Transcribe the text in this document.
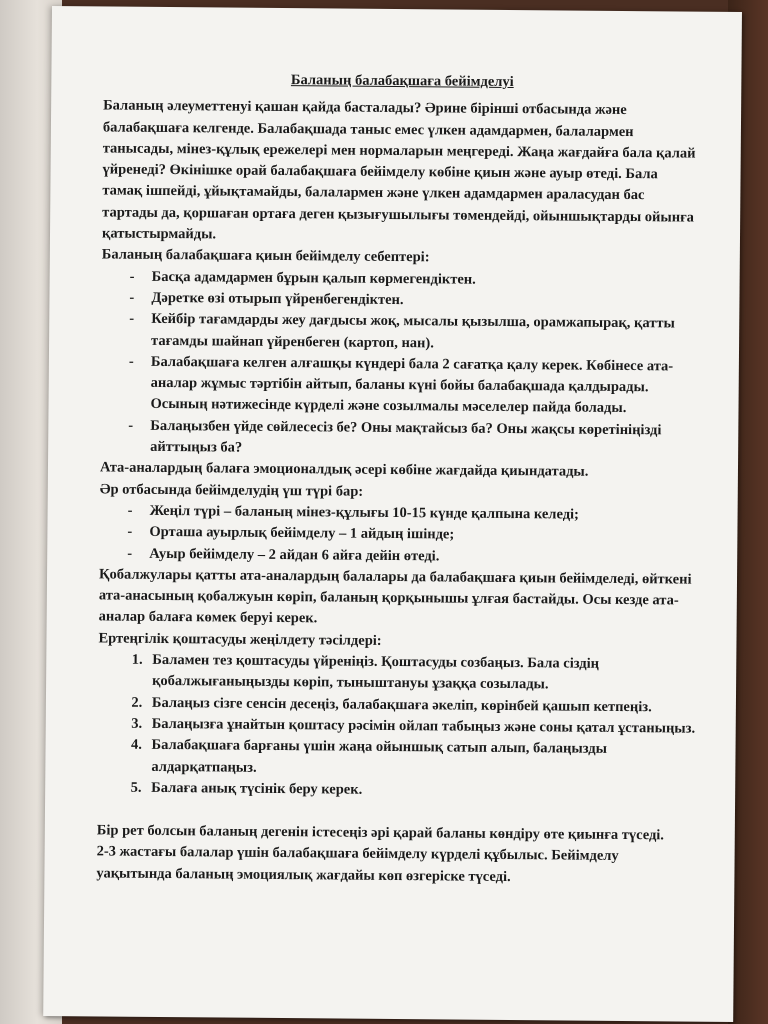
Баланың балабақшаға бейімделуі

Баланың әлеуметтенуі қашан қайда басталады? Әрине бірінші отбасында және балабақшаға келгенде. Балабақшада таныс емес үлкен адамдармен, балалармен танысады, мінез-құлық ережелері мен нормаларын меңгереді. Жаңа жағдайға бала қалай үйренеді? Өкінішке орай балабақшаға бейімделу көбіне қиын және ауыр өтеді. Бала тамақ ішпейді, ұйықтамайды, балалармен және үлкен адамдармен араласудан бас тартады да, қоршаған ортаға деген қызығушылығы төмендейді, ойыншықтарды ойынға қатыстырмайды.

Баланың балабақшаға қиын бейімделу себептері:

- Басқа адамдармен бұрын қалып көрмегендіктен.
- Дәретке өзі отырып үйренбегендіктен.
- Кейбір тағамдарды жеу дағдысы жоқ, мысалы қызылша, орамжапырақ, қатты тағамды шайнап үйренбеген (картоп, нан).
- Балабақшаға келген алғашқы күндері бала 2 сағатқа қалу керек. Көбінесе ата-аналар жұмыс тәртібін айтып, баланы күні бойы балабақшада қалдырады. Осының нәтижесінде күрделі және созылмалы мәселелер пайда болады.
- Балаңызбен үйде сөйлесесіз бе? Оны мақтайсыз ба? Оны жақсы көретініңізді айттыңыз ба?

Ата-аналардың балаға эмоционалдық әсері көбіне жағдайда қиындатады.

Әр отбасында бейімделудің үш түрі бар:

- Жеңіл түрі – баланың мінез-құлығы 10-15 күнде қалпына келеді;
- Орташа ауырлық бейімделу – 1 айдың ішінде;
- Ауыр бейімделу – 2 айдан 6 айға дейін өтеді.

Қобалжулары қатты ата-аналардың балалары да балабақшаға қиын бейімделеді, өйткені ата-анасының қобалжуын көріп, баланың қорқынышы ұлғая бастайды. Осы кезде ата-аналар балаға көмек беруі керек.

Ертеңгілік қоштасуды жеңілдету тәсілдері:

1. Баламен тез қоштасуды үйреніңіз. Қоштасуды созбаңыз. Бала сіздің қобалжығаныңызды көріп, тыныштануы ұзаққа созылады.
2. Балаңыз сізге сенсін десеңіз, балабақшаға әкеліп, көрінбей қашып кетпеңіз.
3. Балаңызға ұнайтын қоштасу рәсімін ойлап табыңыз және соны қатал ұстаныңыз.
4. Балабақшаға барғаны үшін жаңа ойыншық сатып алып, балаңызды алдарқатпаңыз.
5. Балаға анық түсінік беру керек.

Бір рет болсын баланың дегенін істесеңіз әрі қарай баланы көндіру өте қиынға түседі.

2-3 жастағы балалар үшін балабақшаға бейімделу күрделі құбылыс. Бейімделу уақытында баланың эмоциялық жағдайы көп өзгеріске түседі.
